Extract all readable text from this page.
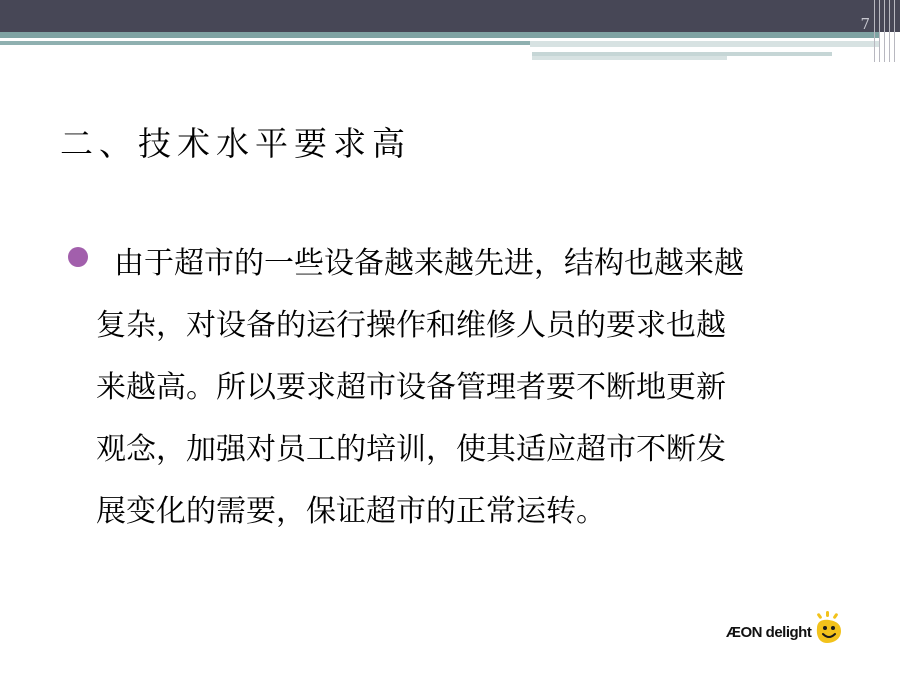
7
二、技术水平要求高
由于超市的一些设备越来越先进，结构也越来越
复杂，对设备的运行操作和维修人员的要求也越
来越高。所以要求超市设备管理者要不断地更新
观念，加强对员工的培训，使其适应超市不断发
展变化的需要，保证超市的正常运转。
ÆON delight
